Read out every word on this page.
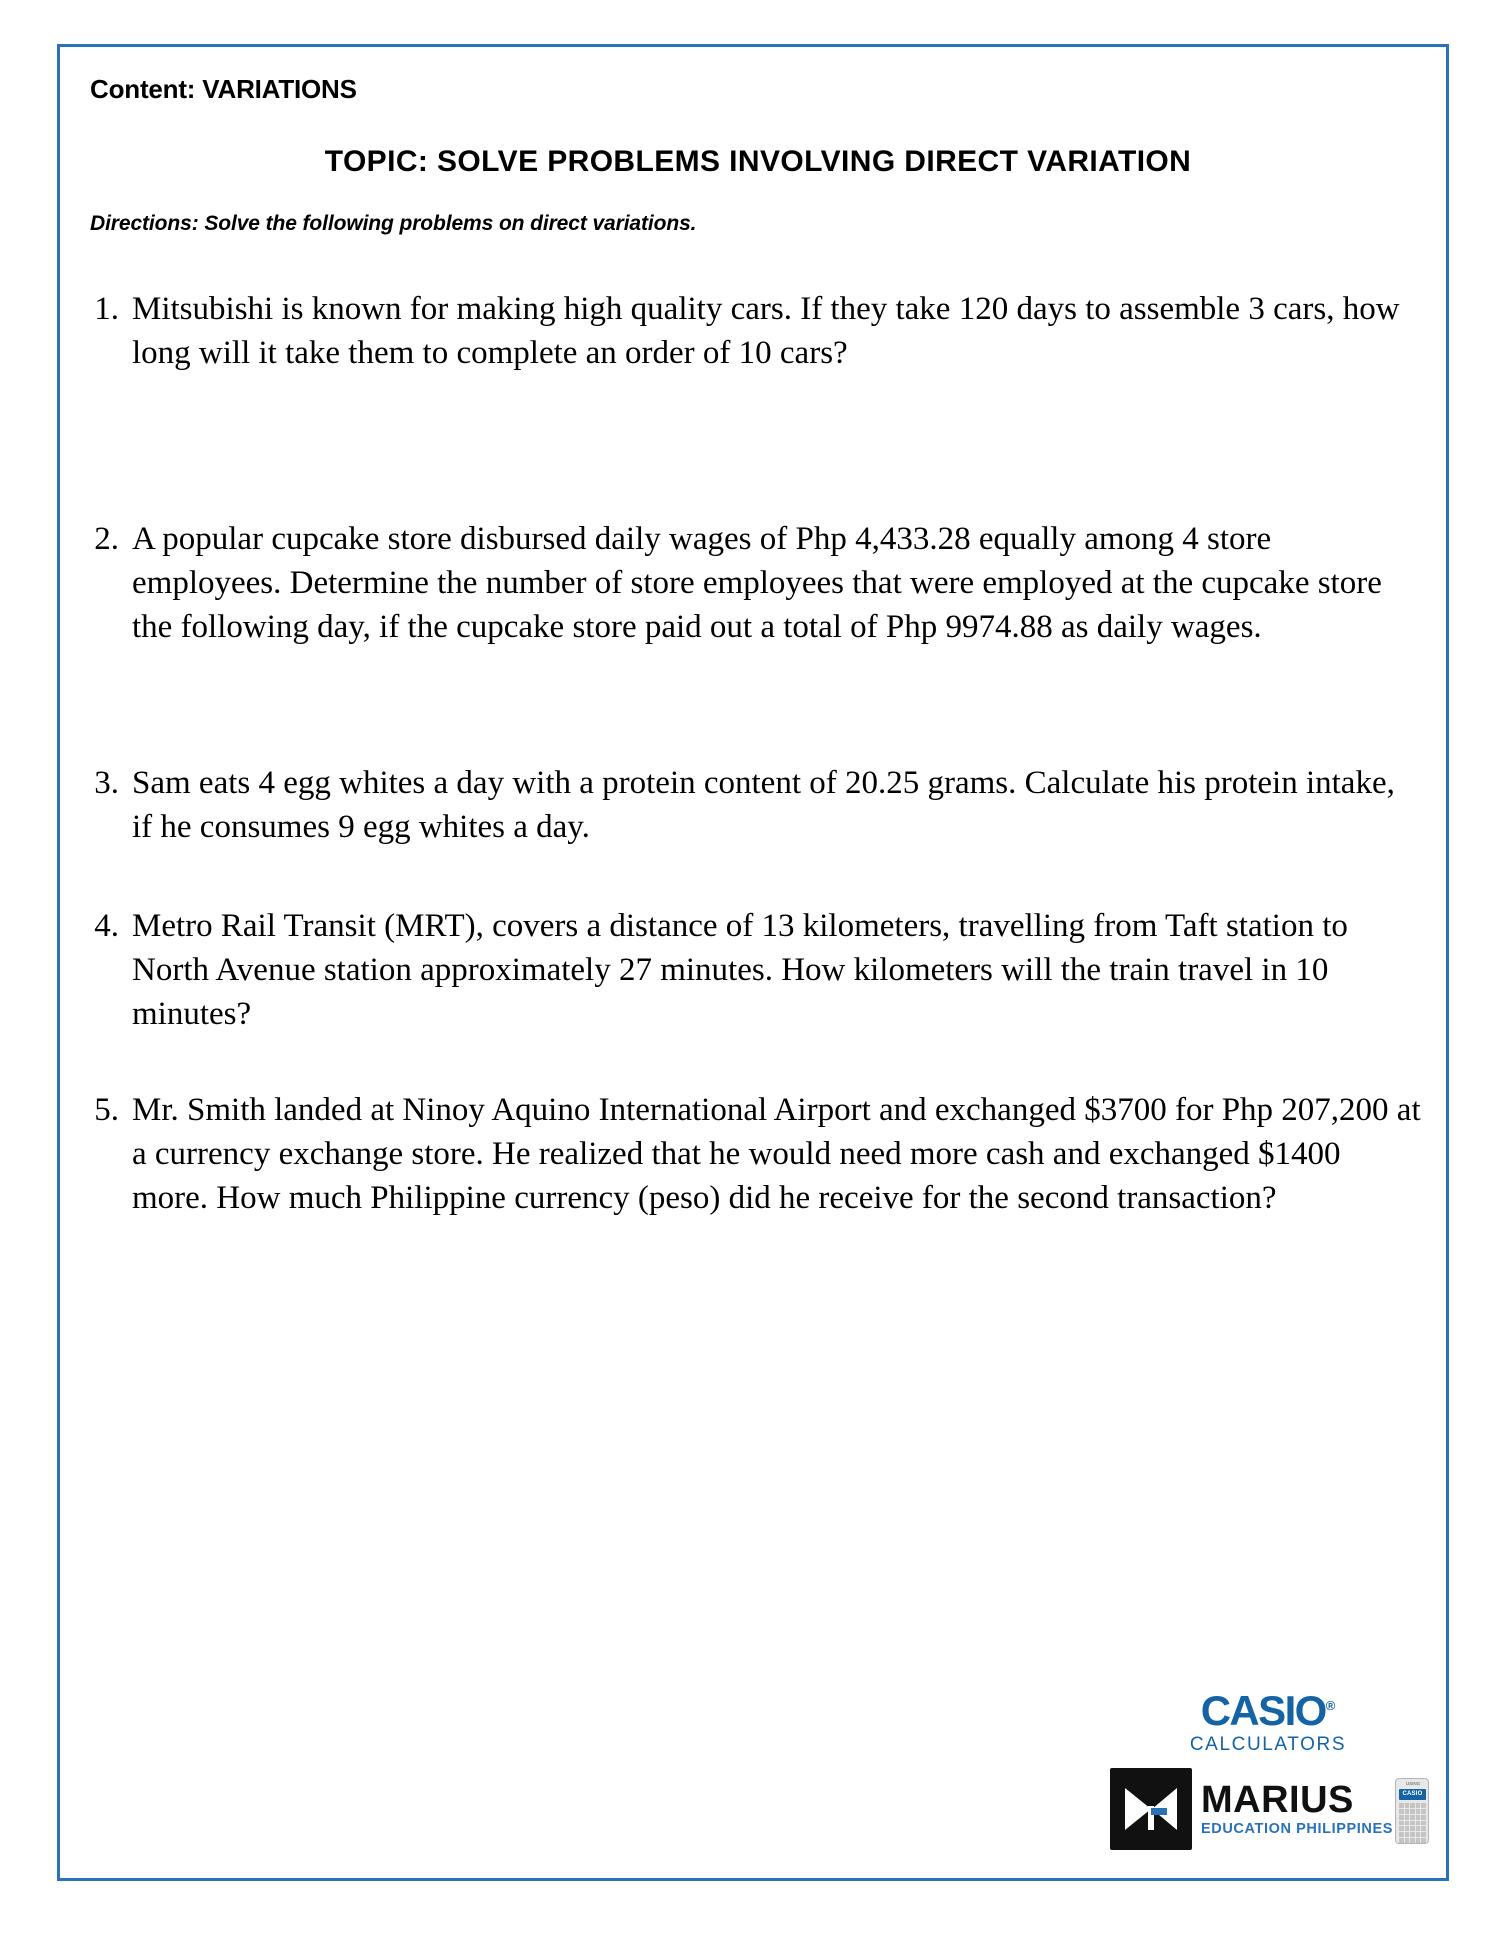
Content: VARIATIONS
TOPIC: SOLVE PROBLEMS INVOLVING DIRECT VARIATION
Directions: Solve the following problems on direct variations.
1. Mitsubishi is known for making high quality cars. If they take 120 days to assemble 3 cars, how long will it take them to complete an order of 10 cars?
2. A popular cupcake store disbursed daily wages of Php 4,433.28 equally among 4 store employees. Determine the number of store employees that were employed at the cupcake store the following day, if the cupcake store paid out a total of Php 9974.88 as daily wages.
3. Sam eats 4 egg whites a day with a protein content of 20.25 grams. Calculate his protein intake, if he consumes 9 egg whites a day.
4. Metro Rail Transit (MRT), covers a distance of 13 kilometers, travelling from Taft station to North Avenue station approximately 27 minutes. How kilometers will the train travel in 10 minutes?
5. Mr. Smith landed at Ninoy Aquino International Airport and exchanged $3700 for Php 207,200 at a currency exchange store. He realized that he would need more cash and exchanged $1400 more. How much Philippine currency (peso) did he receive for the second transaction?
CASIO®
CALCULATORS
MARIUS
EDUCATION PHILIPPINES
USING
CASIO
